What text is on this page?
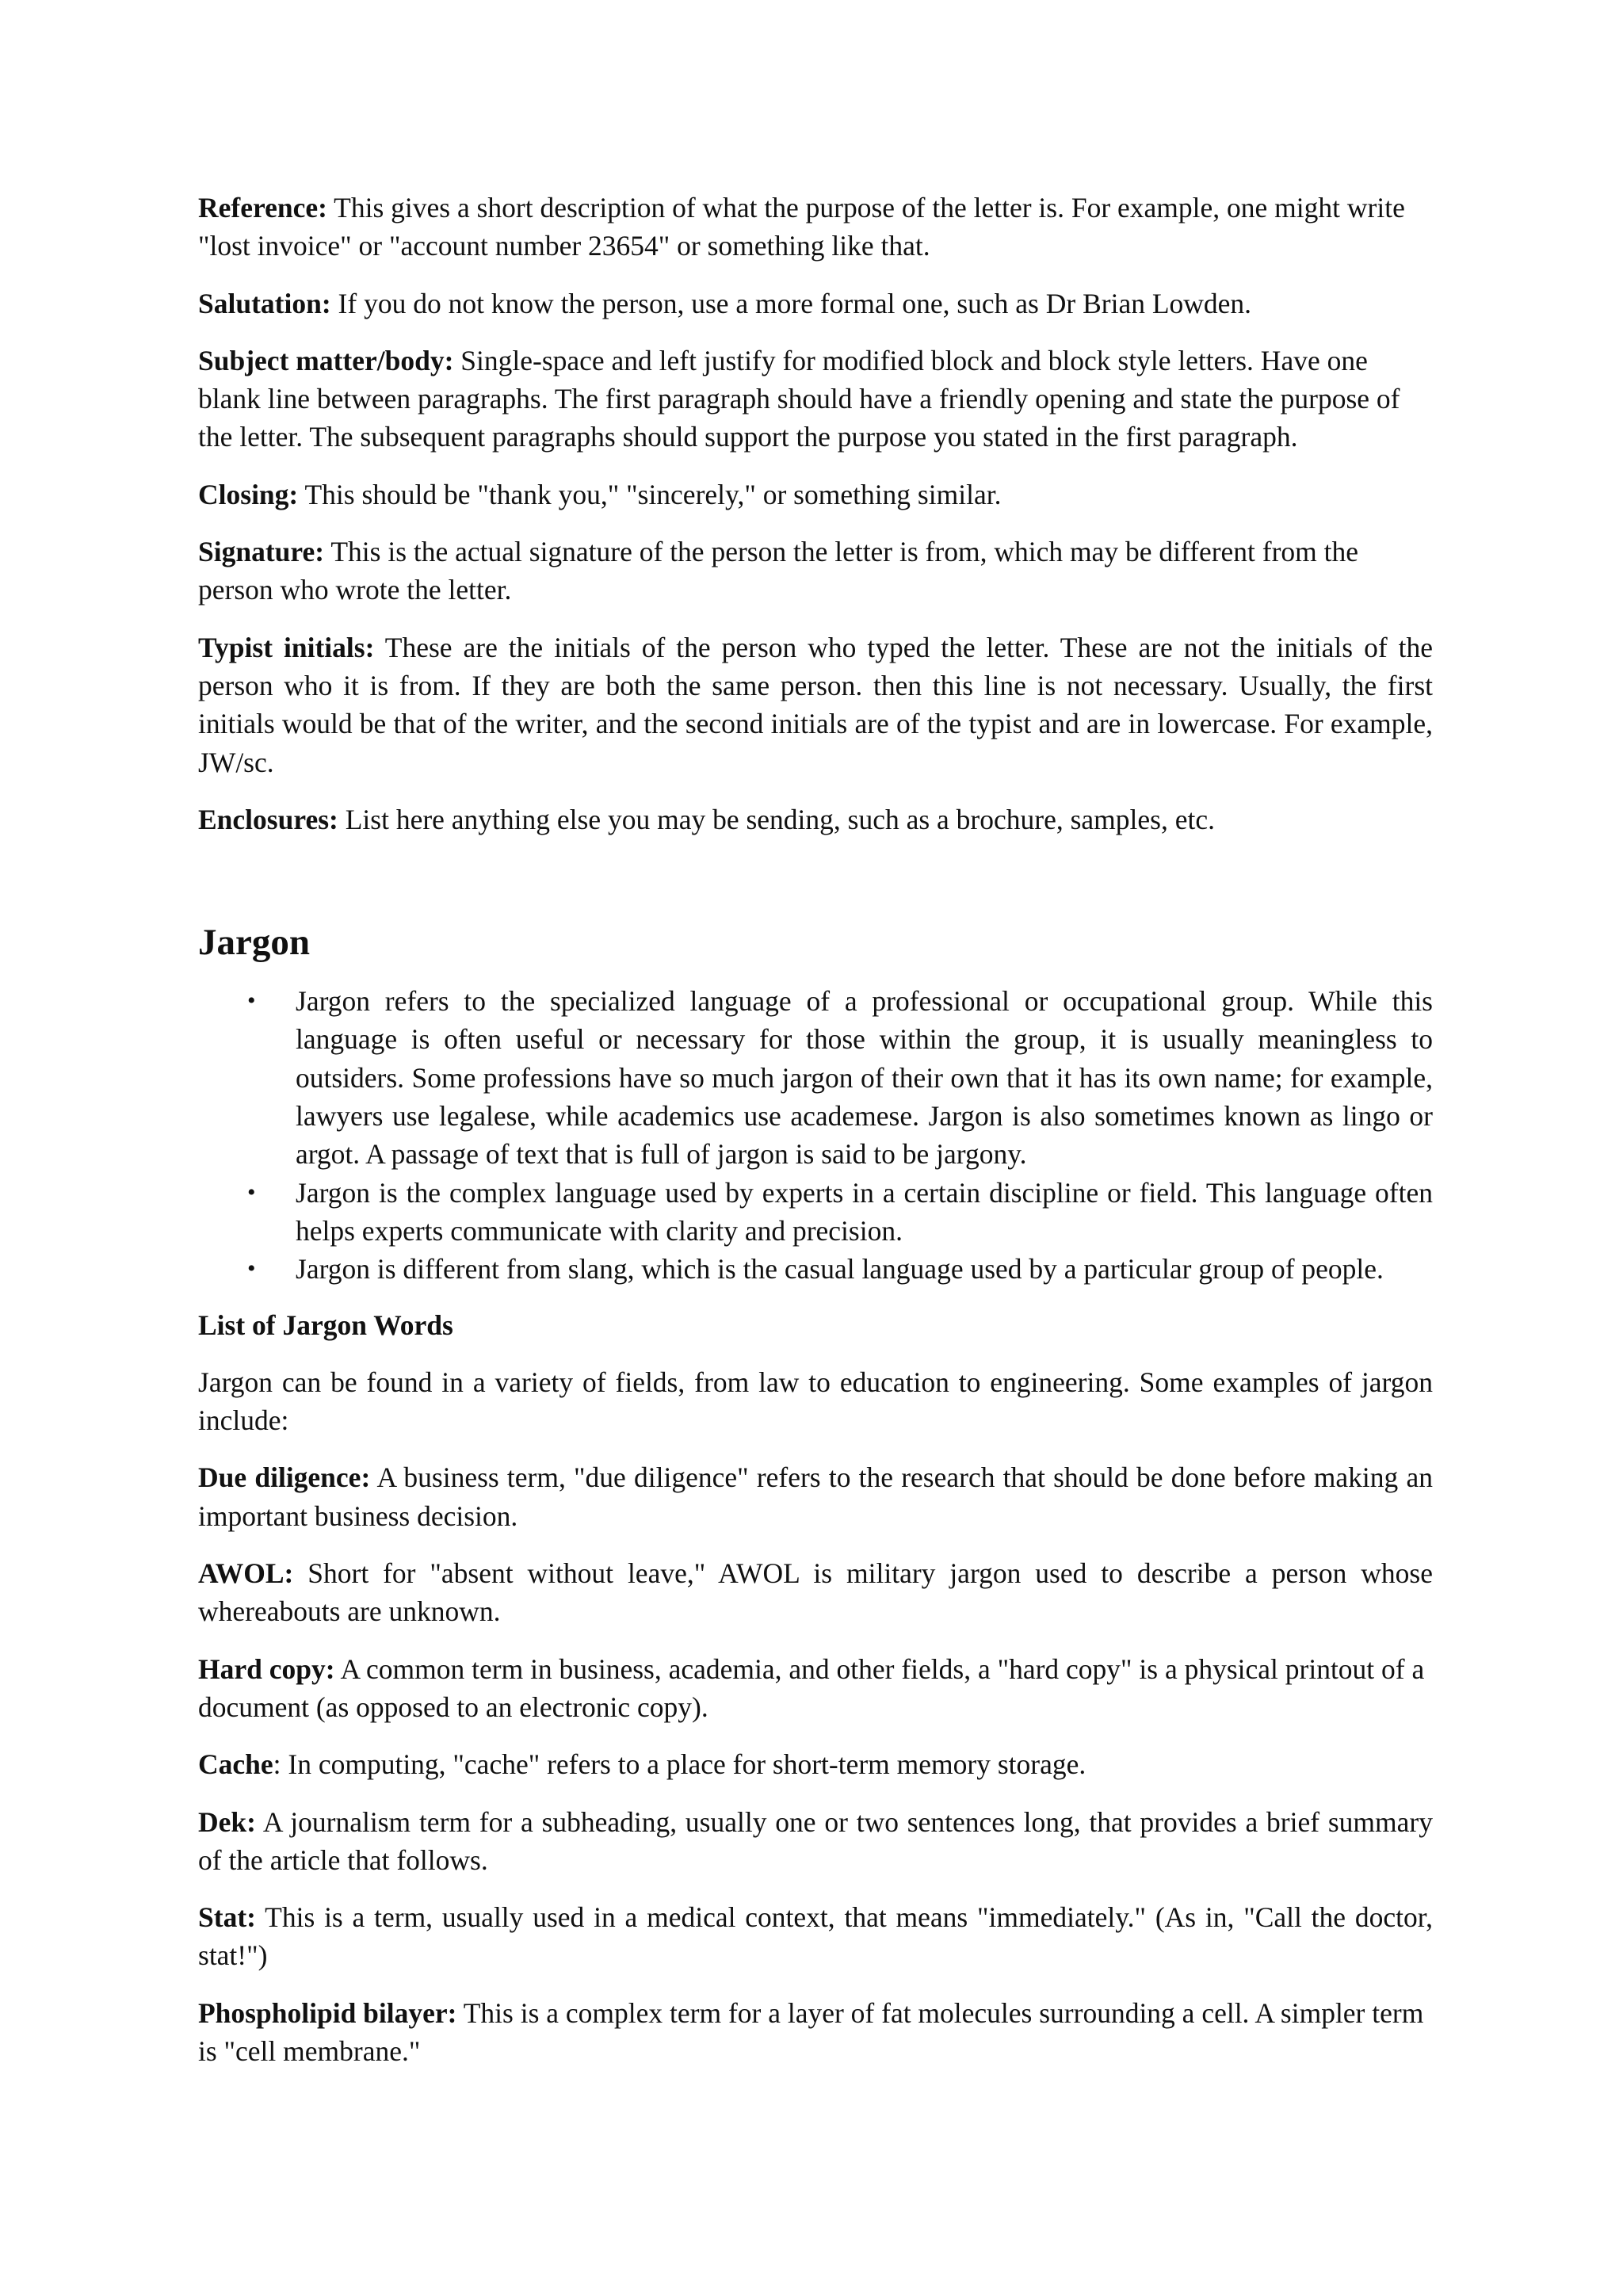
Reference: This gives a short description of what the purpose of the letter is. For example, one might write "lost invoice" or "account number 23654" or something like that.

Salutation: If you do not know the person, use a more formal one, such as Dr Brian Lowden.

Subject matter/body: Single-space and left justify for modified block and block style letters. Have one blank line between paragraphs. The first paragraph should have a friendly opening and state the purpose of the letter. The subsequent paragraphs should support the purpose you stated in the first paragraph.

Closing: This should be "thank you," "sincerely," or something similar.

Signature: This is the actual signature of the person the letter is from, which may be different from the person who wrote the letter.

Typist initials: These are the initials of the person who typed the letter. These are not the initials of the person who it is from. If they are both the same person. then this line is not necessary. Usually, the first initials would be that of the writer, and the second initials are of the typist and are in lowercase. For example, JW/sc.

Enclosures: List here anything else you may be sending, such as a brochure, samples, etc.

Jargon
• Jargon refers to the specialized language of a professional or occupational group. While this language is often useful or necessary for those within the group, it is usually meaningless to outsiders. Some professions have so much jargon of their own that it has its own name; for example, lawyers use legalese, while academics use academese. Jargon is also sometimes known as lingo or argot. A passage of text that is full of jargon is said to be jargony.
• Jargon is the complex language used by experts in a certain discipline or field. This language often helps experts communicate with clarity and precision.
• Jargon is different from slang, which is the casual language used by a particular group of people.

List of Jargon Words

Jargon can be found in a variety of fields, from law to education to engineering. Some examples of jargon include:

Due diligence: A business term, "due diligence" refers to the research that should be done before making an important business decision.

AWOL: Short for "absent without leave," AWOL is military jargon used to describe a person whose whereabouts are unknown.

Hard copy: A common term in business, academia, and other fields, a "hard copy" is a physical printout of a document (as opposed to an electronic copy).

Cache: In computing, "cache" refers to a place for short-term memory storage.

Dek: A journalism term for a subheading, usually one or two sentences long, that provides a brief summary of the article that follows.

Stat: This is a term, usually used in a medical context, that means "immediately." (As in, "Call the doctor, stat!")

Phospholipid bilayer: This is a complex term for a layer of fat molecules surrounding a cell. A simpler term is "cell membrane."
